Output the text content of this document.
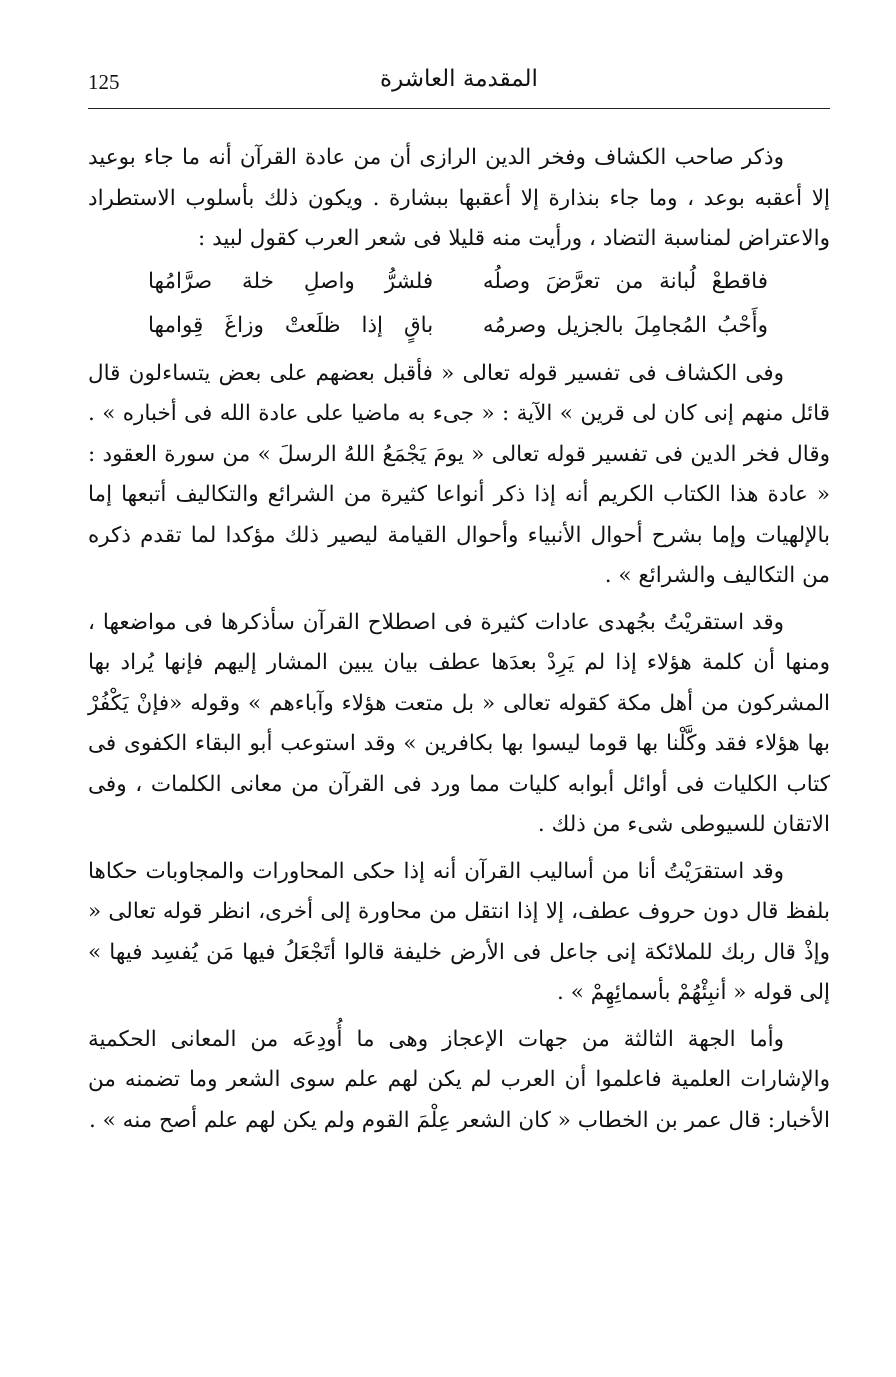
125	المقدمة العاشرة

وذكر صاحب الكشاف وفخر الدين الرازى أن من عادة القرآن أنه ما جاء بوعيد إلا أعقبه بوعد ، وما جاء بنذارة إلا أعقبها ببشارة . ويكون ذلك بأسلوب الاستطراد والاعتراض لمناسبة التضاد ، ورأيت منه قليلا فى شعر العرب كقول لبيد :

فاقطعْ لُبانة من تعرَّضَ وصلُه
فلشرُّ واصلِ خلة صرَّامُها
وأَحْبُ المُجامِلَ بالجزيل وصرمُه
باقٍ إذا ظلَعتْ وزاغَ قِوامها

وفى الكشاف فى تفسير قوله تعالى « فأقبل بعضهم على بعض يتساءلون قال قائل منهم إنى كان لى قرين » الآية : « جىء به ماضيا على عادة الله فى أخباره » . وقال فخر الدين فى تفسير قوله تعالى « يومَ يَجْمَعُ اللهُ الرسلَ » من سورة العقود : « عادة هذا الكتاب الكريم أنه إذا ذكر أنواعا كثيرة من الشرائع والتكاليف أتبعها إما بالإلهيات وإما بشرح أحوال الأنبياء وأحوال القيامة ليصير ذلك مؤكدا لما تقدم ذكره من التكاليف والشرائع » .

وقد استقريْتُ بجُهدى عادات كثيرة فى اصطلاح القرآن سأذكرها فى مواضعها ، ومنها أن كلمة هؤلاء إذا لم يَرِدْ بعدَها عطف بيان يبين المشار إليهم فإنها يُراد بها المشركون من أهل مكة كقوله تعالى « بل متعت هؤلاء وآباءهم » وقوله «فإنْ يَكْفُرْ بها هؤلاء فقد وكَّلْنا بها قوما ليسوا بها بكافرين » وقد استوعب أبو البقاء الكفوى فى كتاب الكليات فى أوائل أبوابه كليات مما ورد فى القرآن من معانى الكلمات ، وفى الاتقان للسيوطى شىء من ذلك .

وقد استقرَيْتُ أنا من أساليب القرآن أنه إذا حكى المحاورات والمجاوبات حكاها بلفظ قال دون حروف عطف، إلا إذا انتقل من محاورة إلى أخرى، انظر قوله تعالى « وإذْ قال ربك للملائكة إنى جاعل فى الأرض خليفة قالوا أتَجْعَلُ فيها مَن يُفسِد فيها » إلى قوله « أنبِئْهُمْ بأسمائِهِمْ » .

وأما الجهة الثالثة من جهات الإعجاز وهى ما أُودِعَه من المعانى الحكمية والإشارات العلمية فاعلموا أن العرب لم يكن لهم علم سوى الشعر وما تضمنه من الأخبار: قال عمر بن الخطاب « كان الشعر عِلْمَ القوم ولم يكن لهم علم أصح منه » .
